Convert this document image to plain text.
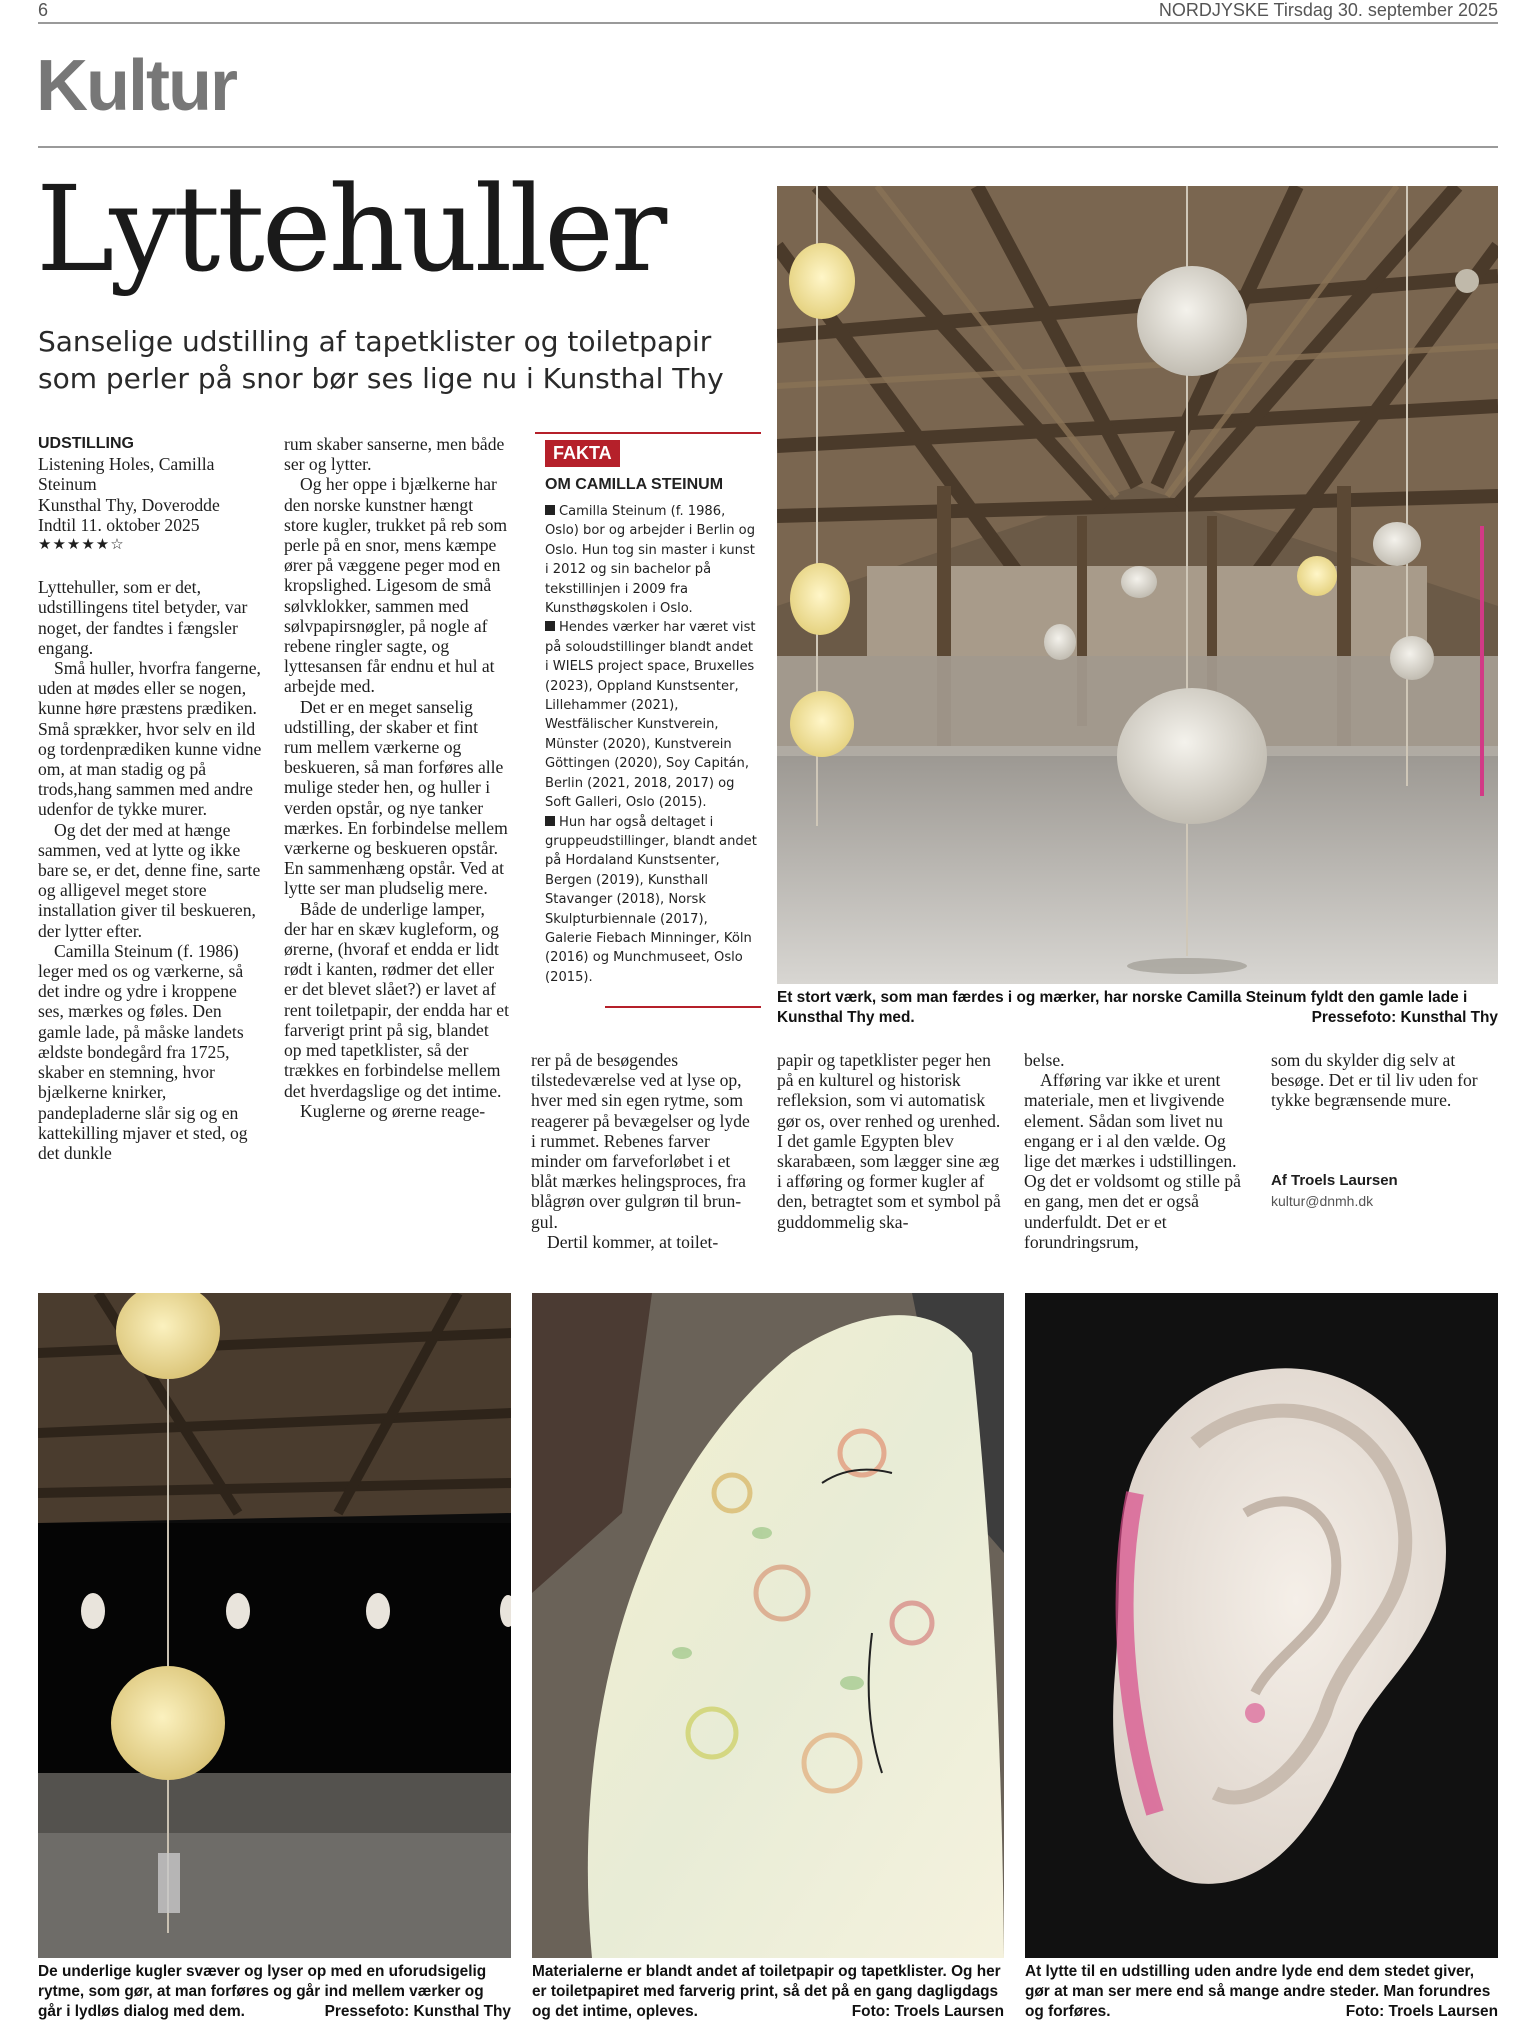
6	NORDJYSKE Tirsdag 30. september 2025
Kultur
Lyttehuller
Sanselige udstilling af tapetklister og toiletpapir som perler på snor bør ses lige nu i Kunsthal Thy
UDSTILLING

Listening Holes, Camilla Steinum

Kunsthal Thy, Doverodde

Indtil 11. oktober 2025

★★★★★☆

Lyttehuller, som er det, udstillingens titel betyder, var noget, der fandtes i fængsler engang.

Små huller, hvorfra fangerne, uden at mødes eller se nogen, kunne høre præstens prædiken. Små sprækker, hvor selv en ild og tordenprædiken kunne vidne om, at man stadig og på trods,hang sammen med andre udenfor de tykke murer.

Og det der med at hænge sammen, ved at lytte og ikke bare se, er det, denne fine, sarte og alligevel meget store installation giver til beskueren, der lytter efter.

Camilla Steinum (f. 1986) leger med os og værkerne, så det indre og ydre i kroppene ses, mærkes og føles. Den gamle lade, på måske landets ældste bondegård fra 1725, skaber en stemning, hvor bjælkerne knirker, pandepladerne slår sig og en kattekilling mjaver et sted, og det dunkle

rum skaber sanserne, men både ser og lytter.

Og her oppe i bjælkerne har den norske kunstner hængt store kugler, trukket på reb som perle på en snor, mens kæmpe ører på væggene peger mod en kropslighed. Ligesom de små sølvklokker, sammen med sølvpapirsnøgler, på nogle af rebene ringler sagte, og lyttesansen får endnu et hul at arbejde med.

Det er en meget sanselig udstilling, der skaber et fint rum mellem værkerne og beskueren, så man forføres alle mulige steder hen, og huller i verden opstår, og nye tanker mærkes. En forbindelse mellem værkerne og beskueren opstår. En sammenhæng opstår. Ved at lytte ser man pludselig mere.

Både de underlige lamper, der har en skæv kugleform, og ørerne, (hvoraf et endda er lidt rødt i kanten, rødmer det eller er det blevet slået?) er lavet af rent toiletpapir, der endda har et farverigt print på sig, blandet op med tapetklister, så der trækkes en forbindelse mellem det hverdagslige og det intime.

Kuglerne og ørerne reage-

FAKTA
OM CAMILLA STEINUM

Camilla Steinum (f. 1986, Oslo) bor og arbejder i Berlin og Oslo. Hun tog sin master i kunst i 2012 og sin bachelor på tekstillinjen i 2009 fra Kunsthøgskolen i Oslo.

Hendes værker har været vist på soloudstillinger blandt andet i WIELS project space, Bruxelles (2023), Oppland Kunstsenter, Lillehammer (2021), Westfälischer Kunstverein, Münster (2020), Kunstverein Göttingen (2020), Soy Capitán, Berlin (2021, 2018, 2017) og Soft Galleri, Oslo (2015).

Hun har også deltaget i gruppeudstillinger, blandt andet på Hordaland Kunstsenter, Bergen (2019), Kunsthall Stavanger (2018), Norsk Skulpturbiennale (2017), Galerie Fiebach Minninger, Köln (2016) og Munchmuseet, Oslo (2015).

Et stort værk, som man færdes i og mærker, har norske Camilla Steinum fyldt den gamle lade i Kunsthal Thy med.	Pressefoto: Kunsthal Thy

rer på de besøgendes tilstedeværelse ved at lyse op, hver med sin egen rytme, som reagerer på bevægelser og lyde i rummet. Rebenes farver minder om farveforløbet i et blåt mærkes helingsproces, fra blågrøn over gulgrøn til brun-gul.

Dertil kommer, at toilet-

papir og tapetklister peger hen på en kulturel og historisk refleksion, som vi automatisk gør os, over renhed og urenhed. I det gamle Egypten blev skarabæen, som lægger sine æg i afføring og former kugler af den, betragtet som et symbol på guddommelig ska-

belse.

Afføring var ikke et urent materiale, men et livgivende element. Sådan som livet nu engang er i al den vælde. Og lige det mærkes i udstillingen. Og det er voldsomt og stille på en gang, men det er også underfuldt. Det er et forundringsrum,

som du skylder dig selv at besøge. Det er til liv uden for tykke begrænsende mure.

Af Troels Laursen
kultur@dnmh.dk
De underlige kugler svæver og lyser op med en uforudsigelig rytme, som gør, at man forføres og går ind mellem værker og går i lydløs dialog med dem.	Pressefoto: Kunsthal Thy
Materialerne er blandt andet af toiletpapir og tapetklister. Og her er toiletpapiret med farverig print, så det på en gang dagligdags og det intime, opleves.	Foto: Troels Laursen
At lytte til en udstilling uden andre lyde end dem stedet giver, gør at man ser mere end så mange andre steder. Man forundres og forføres.	Foto: Troels Laursen
